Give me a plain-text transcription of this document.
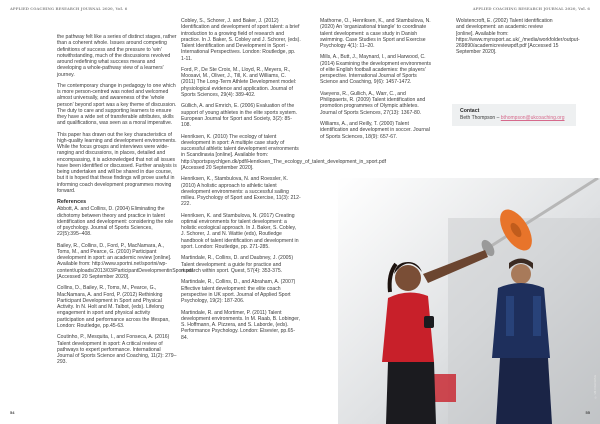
APPLIED COACHING RESEARCH JOURNAL 2020, Vol. 6	APPLIED COACHING RESEARCH JOURNAL 2020, Vol. 6

the pathway felt like a series of distinct stages, rather than a coherent whole. Issues around competing definitions of success and the pressure to 'win' notwithstanding, much of the discussions revolved around redefining what success means and developing a whole-pathway view of a learners' journey.

The contemporary change in pedagogy to one which is more person-centred was noted and welcomed almost universally, and awareness of the 'whole person' beyond sport was a key theme of discussion. The duty to care and supporting learners to ensure they have a wide set of transferable attributes, skills and qualifications, was seen as a moral imperative.

This paper has drawn out the key characteristics of high-quality learning and development environments. While the focus groups and interviews were wide-ranging and discussions, in places, detailed and encompassing, it is acknowledged that not all issues have been identified or discussed. Further analysis is being undertaken and will be shared in due course, but it is hoped that these findings will prove useful in informing coach development programmes moving forward.

References

Abbott, A. and Collins, D. (2004) Eliminating the dichotomy between theory and practice in talent identification and development: considering the role of psychology. Journal of Sports Sciences, 22(5):395–408.

Bailey, R., Collins, D., Ford, P., MacNamara, A., Toms, M., and Pearce, G. (2010) Participant development in sport: an academic review [online]. Available from: http://www.sportni.net/sportni/wp-content/uploads/2013/03/ParticipantDevelopmentinSport.pdf [Accessed 20 September 2020].

Collins, D., Bailey, R., Toms, M., Pearce, G., MacNamara, A. and Ford, P. (2012) Rethinking Participant Development in Sport and Physical Activity. In N. Holt and M. Talbot, (eds). Lifelong engagement in sport and physical activity participation and performance across the lifespan, London: Routledge, pp.45-63.

Coutinho, P., Mesquita, I., and Fonseca, A. (2016) Talent development in sport: A critical review of pathways to expert performance. International Journal of Sports Science and Coaching, 11(2): 279–293.

Cobley, S., Schorer, J. and Baker, J. (2012) Identification and development of sport talent: a brief introduction to a growing field of research and practice. In J. Baker, S. Cobley and J. Schorer, (eds). Talent Identification and Development in Sport - International Perspectives. London: Routledge, pp. 1-11.

Ford, P., De Ste Croix, M., Lloyd, R., Meyers, R., Moosavi, M., Oliver, J., Till, K. and Williams, C. (2011) The Long-Term Athlete Development model: physiological evidence and application. Journal of Sports Sciences, 29(4): 389-402.

Güllich, A. and Emrich, E. (2006) Evaluation of the support of young athletes in the elite sports system. European Journal for Sport and Society, 3(2): 85-108.

Henriksen, K. (2010) The ecology of talent development in sport: A multiple case study of successful athletic talent development environments in Scandinavia [online]. Available from: http://sportspsychlgen.dk/pdf/Henriksen_The_ecology_of_talent_development_in_sport.pdf [Accessed 20 September 2020].

Henriksen, K., Stambulova, N. and Roessler, K. (2010) A holistic approach to athletic talent development environments: a successful sailing milieu. Psychology of Sport and Exercise, 11(3): 212-222.

Henriksen, K. and Stambulova, N. (2017) Creating optimal environments for talent development: a holistic ecological approach. In J. Baker, S. Cobley, J. Schorer, J. and N. Wattie (eds), Routledge handbook of talent identification and development in sport. London: Routledge, pp. 271-285.

Martindale, R., Collins, D. and Daubney, J. (2005) Talent development: a guide for practice and research within sport. Quest, 57(4): 353-375.

Martindale, R., Collins, D., and Abraham, A. (2007) Effective talent development: the elite coach perspective in UK sport. Journal of Applied Sport Psychology, 19(2): 187-206.

Martindale, R. and Mortimer, P. (2011) Talent development environments. In M. Raab, B. Lobinger, S. Hoffmann, A. Pizzera, and S. Laborde, (eds). Performance Psychology. London: Elsevier, pp.65-84.

Mathorne, O., Henriksen, K., and Stambulova, N. (2020) An 'organizational triangle' to coordinate talent development: a case study in Danish swimming. Case Studies in Sport and Exercise Psychology 4(1): 11–20.

Mills, A., Butt, J., Maynard, I., and Harwood, C. (2014) Examining the development environments of elite English football academies: the players' perspective. International Journal of Sports Science and Coaching, 9(6): 1457-1472.

Vaeyens, R., Gullich, A., Warr, C., and Philippaerts, R. (2009) Talent identification and promotion programmes of Olympic athletes. Journal of Sports Sciences, 27(13): 1367-80.

Williams, A., and Reilly, T. (2000) Talent identification and development in soccer. Journal of Sports Sciences, 18(9): 657-67.

Wolstencroft, E. (2002) Talent identification and development: an academic review [online]. Available from: https://www.mynsport.ac.uk/_/media/workfolder/output-269890/academicreviewpdf.pdf [Accessed 15 September 2020].

Contact
Beth Thompson – bthompson@ukcoaching.org
© UK COACHING
54	55
